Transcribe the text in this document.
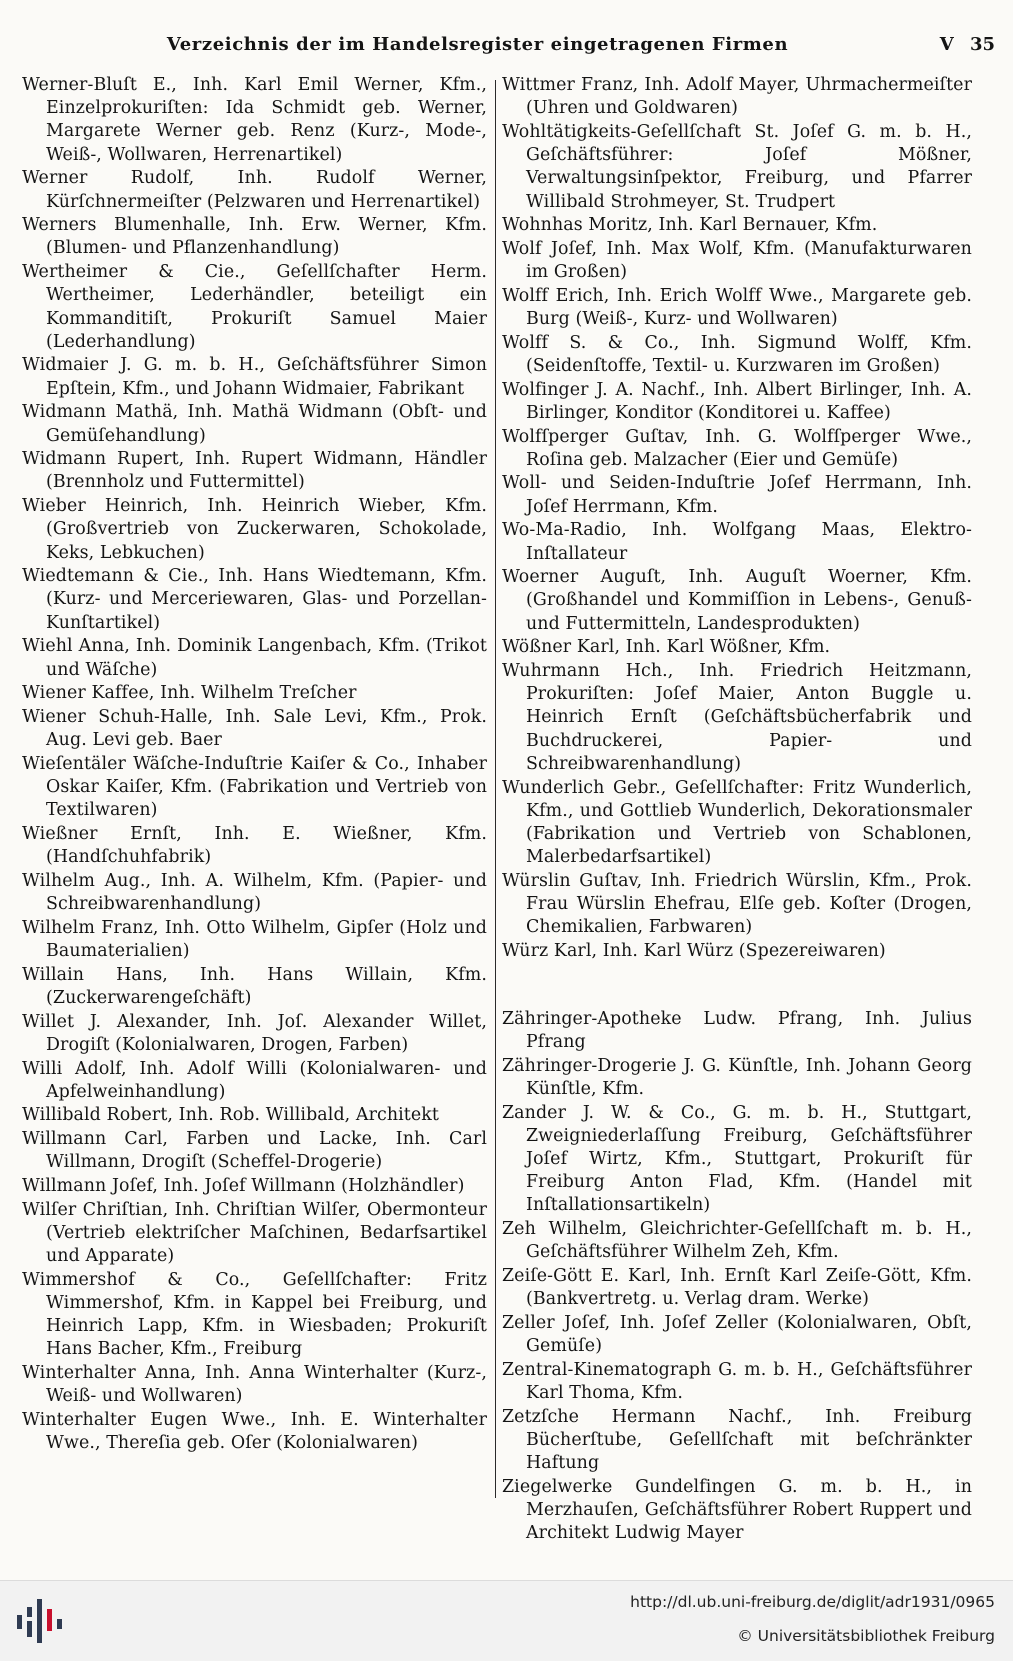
Verzeichnis der im Handelsregister eingetragenen Firmen	V 35

Werner-Bluſt E., Inh. Karl Emil Werner, Kfm., Einzelprokuriſten: Ida Schmidt geb. Werner, Margarete Werner geb. Renz (Kurz-, Mode-, Weiß-, Wollwaren, Herrenartikel)

Werner Rudolf, Inh. Rudolf Werner, Kürſchnermeiſter (Pelzwaren und Herrenartikel)

Werners Blumenhalle, Inh. Erw. Werner, Kfm. (Blumen- und Pflanzenhandlung)

Wertheimer & Cie., Geſellſchafter Herm. Wertheimer, Lederhändler, beteiligt ein Kommanditiſt, Prokuriſt Samuel Maier (Lederhandlung)

Widmaier J. G. m. b. H., Geſchäftsführer Simon Epſtein, Kfm., und Johann Widmaier, Fabrikant

Widmann Mathä, Inh. Mathä Widmann (Obſt- und Gemüſehandlung)

Widmann Rupert, Inh. Rupert Widmann, Händler (Brennholz und Futtermittel)

Wieber Heinrich, Inh. Heinrich Wieber, Kfm. (Großvertrieb von Zuckerwaren, Schokolade, Keks, Lebkuchen)

Wiedtemann & Cie., Inh. Hans Wiedtemann, Kfm. (Kurz- und Merceriewaren, Glas- und Porzellan-Kunſtartikel)

Wiehl Anna, Inh. Dominik Langenbach, Kfm. (Trikot und Wäſche)

Wiener Kaffee, Inh. Wilhelm Treſcher

Wiener Schuh-Halle, Inh. Sale Levi, Kfm., Prok. Aug. Levi geb. Baer

Wieſentäler Wäſche-Induſtrie Kaiſer & Co., Inhaber Oskar Kaiſer, Kfm. (Fabrikation und Vertrieb von Textilwaren)

Wießner Ernſt, Inh. E. Wießner, Kfm. (Handſchuhfabrik)

Wilhelm Aug., Inh. A. Wilhelm, Kfm. (Papier- und Schreibwarenhandlung)

Wilhelm Franz, Inh. Otto Wilhelm, Gipſer (Holz und Baumaterialien)

Willain Hans, Inh. Hans Willain, Kfm. (Zuckerwarengeſchäft)

Willet J. Alexander, Inh. Joſ. Alexander Willet, Drogiſt (Kolonialwaren, Drogen, Farben)

Willi Adolf, Inh. Adolf Willi (Kolonialwaren- und Apfelweinhandlung)

Willibald Robert, Inh. Rob. Willibald, Architekt

Willmann Carl, Farben und Lacke, Inh. Carl Willmann, Drogiſt (Scheffel-Drogerie)

Willmann Joſef, Inh. Joſef Willmann (Holzhändler)

Wilſer Chriſtian, Inh. Chriſtian Wilſer, Obermonteur (Vertrieb elektriſcher Maſchinen, Bedarfsartikel und Apparate)

Wimmershof & Co., Geſellſchafter: Fritz Wimmershof, Kfm. in Kappel bei Freiburg, und Heinrich Lapp, Kfm. in Wiesbaden; Prokuriſt Hans Bacher, Kfm., Freiburg

Winterhalter Anna, Inh. Anna Winterhalter (Kurz-, Weiß- und Wollwaren)

Winterhalter Eugen Wwe., Inh. E. Winterhalter Wwe., Thereſia geb. Oſer (Kolonialwaren)

Wittmer Franz, Inh. Adolf Mayer, Uhrmachermeiſter (Uhren und Goldwaren)

Wohltätigkeits-Geſellſchaft St. Joſef G. m. b. H., Geſchäftsführer: Joſef Mößner, Verwaltungsinſpektor, Freiburg, und Pfarrer Willibald Strohmeyer, St. Trudpert

Wohnhas Moritz, Inh. Karl Bernauer, Kfm.

Wolf Joſef, Inh. Max Wolf, Kfm. (Manufakturwaren im Großen)

Wolff Erich, Inh. Erich Wolff Wwe., Margarete geb. Burg (Weiß-, Kurz- und Wollwaren)

Wolff S. & Co., Inh. Sigmund Wolff, Kfm. (Seidenſtoffe, Textil- u. Kurzwaren im Großen)

Wolfinger J. A. Nachf., Inh. Albert Birlinger, Inh. A. Birlinger, Konditor (Konditorei u. Kaffee)

Wolfſperger Guſtav, Inh. G. Wolfſperger Wwe., Roſina geb. Malzacher (Eier und Gemüſe)

Woll- und Seiden-Induſtrie Joſef Herrmann, Inh. Joſef Herrmann, Kfm.

Wo-Ma-Radio, Inh. Wolfgang Maas, Elektro-Inſtallateur

Woerner Auguſt, Inh. Auguſt Woerner, Kfm. (Großhandel und Kommiſſion in Lebens-, Genuß- und Futtermitteln, Landesprodukten)

Wößner Karl, Inh. Karl Wößner, Kfm.

Wuhrmann Hch., Inh. Friedrich Heitzmann, Prokuriſten: Joſef Maier, Anton Buggle u. Heinrich Ernſt (Geſchäftsbücherfabrik und Buchdruckerei, Papier- und Schreibwarenhandlung)

Wunderlich Gebr., Geſellſchafter: Fritz Wunderlich, Kfm., und Gottlieb Wunderlich, Dekorationsmaler (Fabrikation und Vertrieb von Schablonen, Malerbedarfsartikel)

Würslin Guſtav, Inh. Friedrich Würslin, Kfm., Prok. Frau Würslin Ehefrau, Elſe geb. Koſter (Drogen, Chemikalien, Farbwaren)

Würz Karl, Inh. Karl Würz (Spezereiwaren)

Zähringer-Apotheke Ludw. Pfrang, Inh. Julius Pfrang

Zähringer-Drogerie J. G. Künſtle, Inh. Johann Georg Künſtle, Kfm.

Zander J. W. & Co., G. m. b. H., Stuttgart, Zweigniederlaſſung Freiburg, Geſchäftsführer Joſef Wirtz, Kfm., Stuttgart, Prokuriſt für Freiburg Anton Flad, Kfm. (Handel mit Inſtallationsartikeln)

Zeh Wilhelm, Gleichrichter-Geſellſchaft m. b. H., Geſchäftsführer Wilhelm Zeh, Kfm.

Zeiſe-Gött E. Karl, Inh. Ernſt Karl Zeiſe-Gött, Kfm. (Bankvertretg. u. Verlag dram. Werke)

Zeller Joſef, Inh. Joſef Zeller (Kolonialwaren, Obſt, Gemüſe)

Zentral-Kinematograph G. m. b. H., Geſchäftsführer Karl Thoma, Kfm.

Zetzſche Hermann Nachf., Inh. Freiburg Bücherſtube, Geſellſchaft mit beſchränkter Haftung

Ziegelwerke Gundelfingen G. m. b. H., in Merzhauſen, Geſchäftsführer Robert Ruppert und Architekt Ludwig Mayer

http://dl.ub.uni-freiburg.de/diglit/adr1931/0965
© Universitätsbibliothek Freiburg
